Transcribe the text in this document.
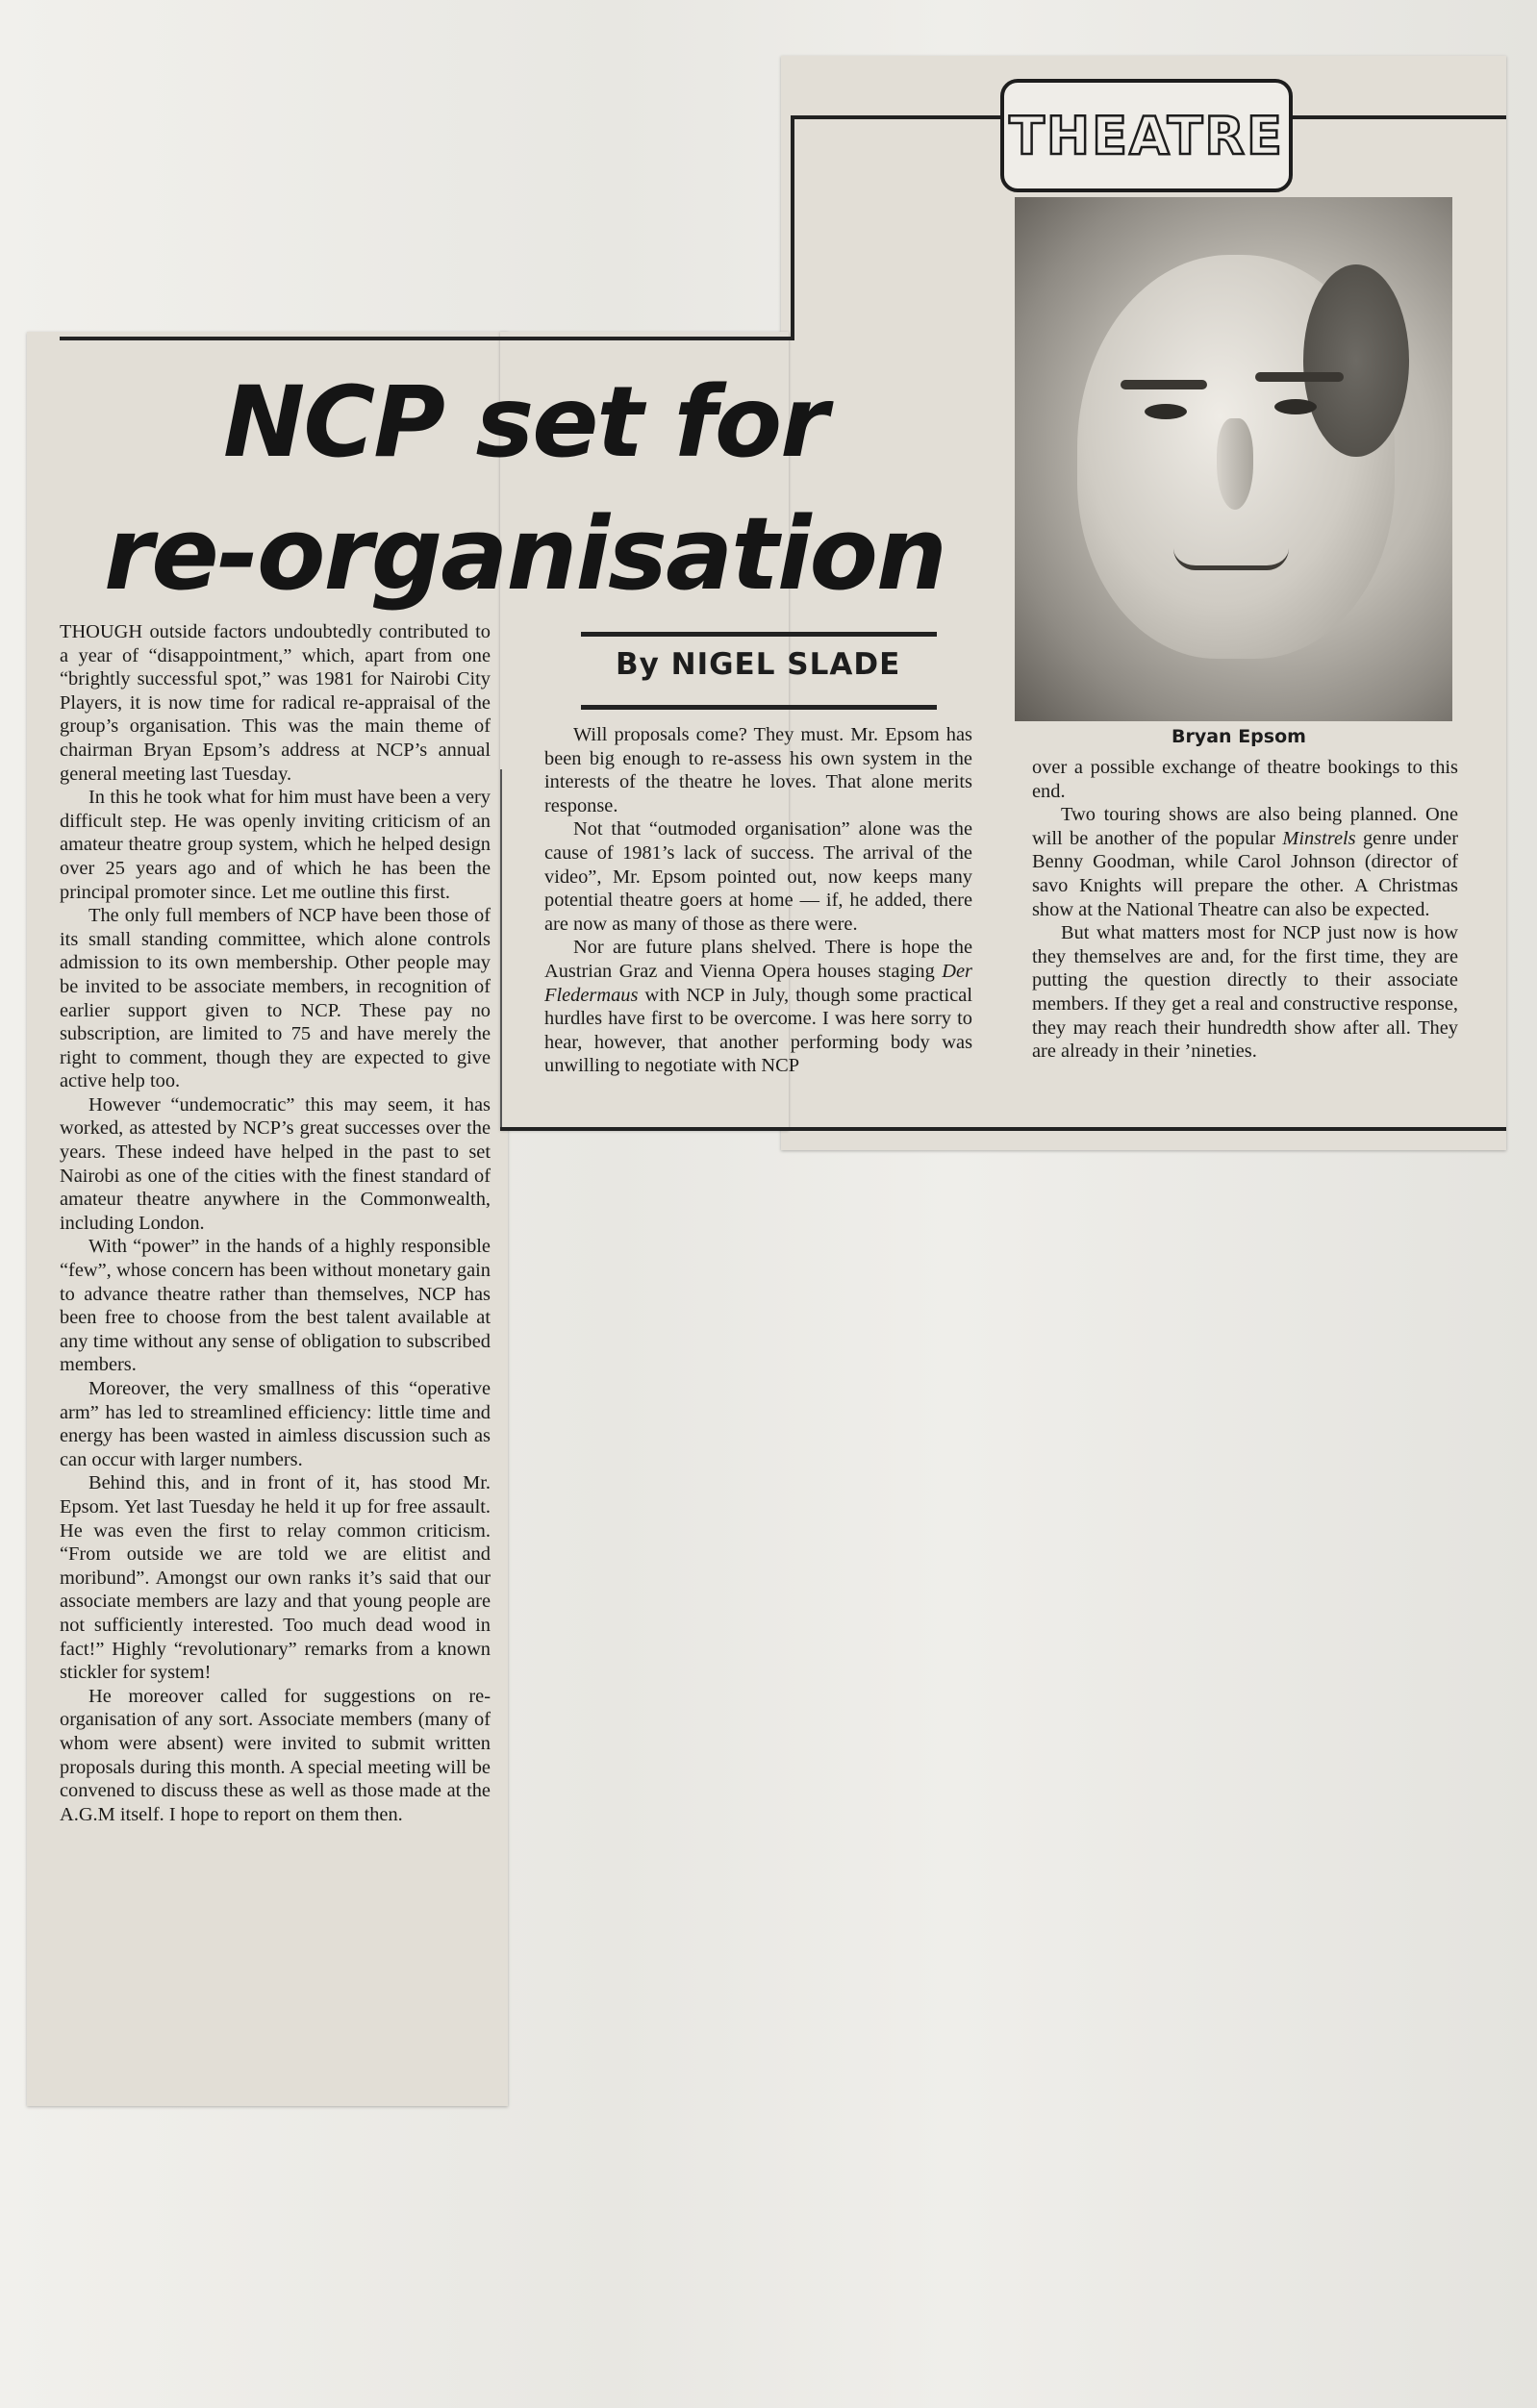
THEATRE
Bryan Epsom
NCP set for
re-organisation
By NIGEL SLADE

THOUGH outside factors undoubtedly contributed to a year of “disappointment,” which, apart from one “brightly successful spot,” was 1981 for Nairobi City Players, it is now time for radical re-appraisal of the group’s organisation. This was the main theme of chairman Bryan Epsom’s address at NCP’s annual general meeting last Tuesday.

In this he took what for him must have been a very difficult step. He was openly inviting criticism of an amateur theatre group system, which he helped design over 25 years ago and of which he has been the principal promoter since. Let me outline this first.

The only full members of NCP have been those of its small standing committee, which alone controls admission to its own membership. Other people may be invited to be associate members, in recognition of earlier support given to NCP. These pay no subscription, are limited to 75 and have merely the right to comment, though they are expected to give active help too.

However “undemocratic” this may seem, it has worked, as attested by NCP’s great successes over the years. These indeed have helped in the past to set Nairobi as one of the cities with the finest standard of amateur theatre anywhere in the Commonwealth, including London.

With “power” in the hands of a highly responsible “few”, whose concern has been without monetary gain to advance theatre rather than themselves, NCP has been free to choose from the best talent available at any time without any sense of obligation to subscribed members.

Moreover, the very smallness of this “operative arm” has led to streamlined efficiency: little time and energy has been wasted in aimless discussion such as can occur with larger numbers.

Behind this, and in front of it, has stood Mr. Epsom. Yet last Tuesday he held it up for free assault. He was even the first to relay common criticism. “From outside we are told we are elitist and moribund”. Amongst our own ranks it’s said that our associate members are lazy and that young people are not sufficiently interested. Too much dead wood in fact!” Highly “revolutionary” remarks from a known stickler for system!

He moreover called for suggestions on re-organisation of any sort. Associate members (many of whom were absent) were invited to submit written proposals during this month. A special meeting will be convened to discuss these as well as those made at the A.G.M itself. I hope to report on them then.

Will proposals come? They must. Mr. Epsom has been big enough to re-assess his own system in the interests of the theatre he loves. That alone merits response.

Not that “outmoded organisation” alone was the cause of 1981’s lack of success. The arrival of the video”, Mr. Epsom pointed out, now keeps many potential theatre goers at home — if, he added, there are now as many of those as there were.

Nor are future plans shelved. There is hope the Austrian Graz and Vienna Opera houses staging Der Fledermaus with NCP in July, though some practical hurdles have first to be overcome. I was here sorry to hear, however, that another performing body was unwilling to negotiate with NCP

over a possible exchange of theatre bookings to this end.

Two touring shows are also being planned. One will be another of the popular Minstrels genre under Benny Goodman, while Carol Johnson (director of savo Knights will prepare the other. A Christmas show at the National Theatre can also be expected.

But what matters most for NCP just now is how they themselves are and, for the first time, they are putting the question directly to their associate members. If they get a real and constructive response, they may reach their hundredth show after all. They are already in their ’nineties.
